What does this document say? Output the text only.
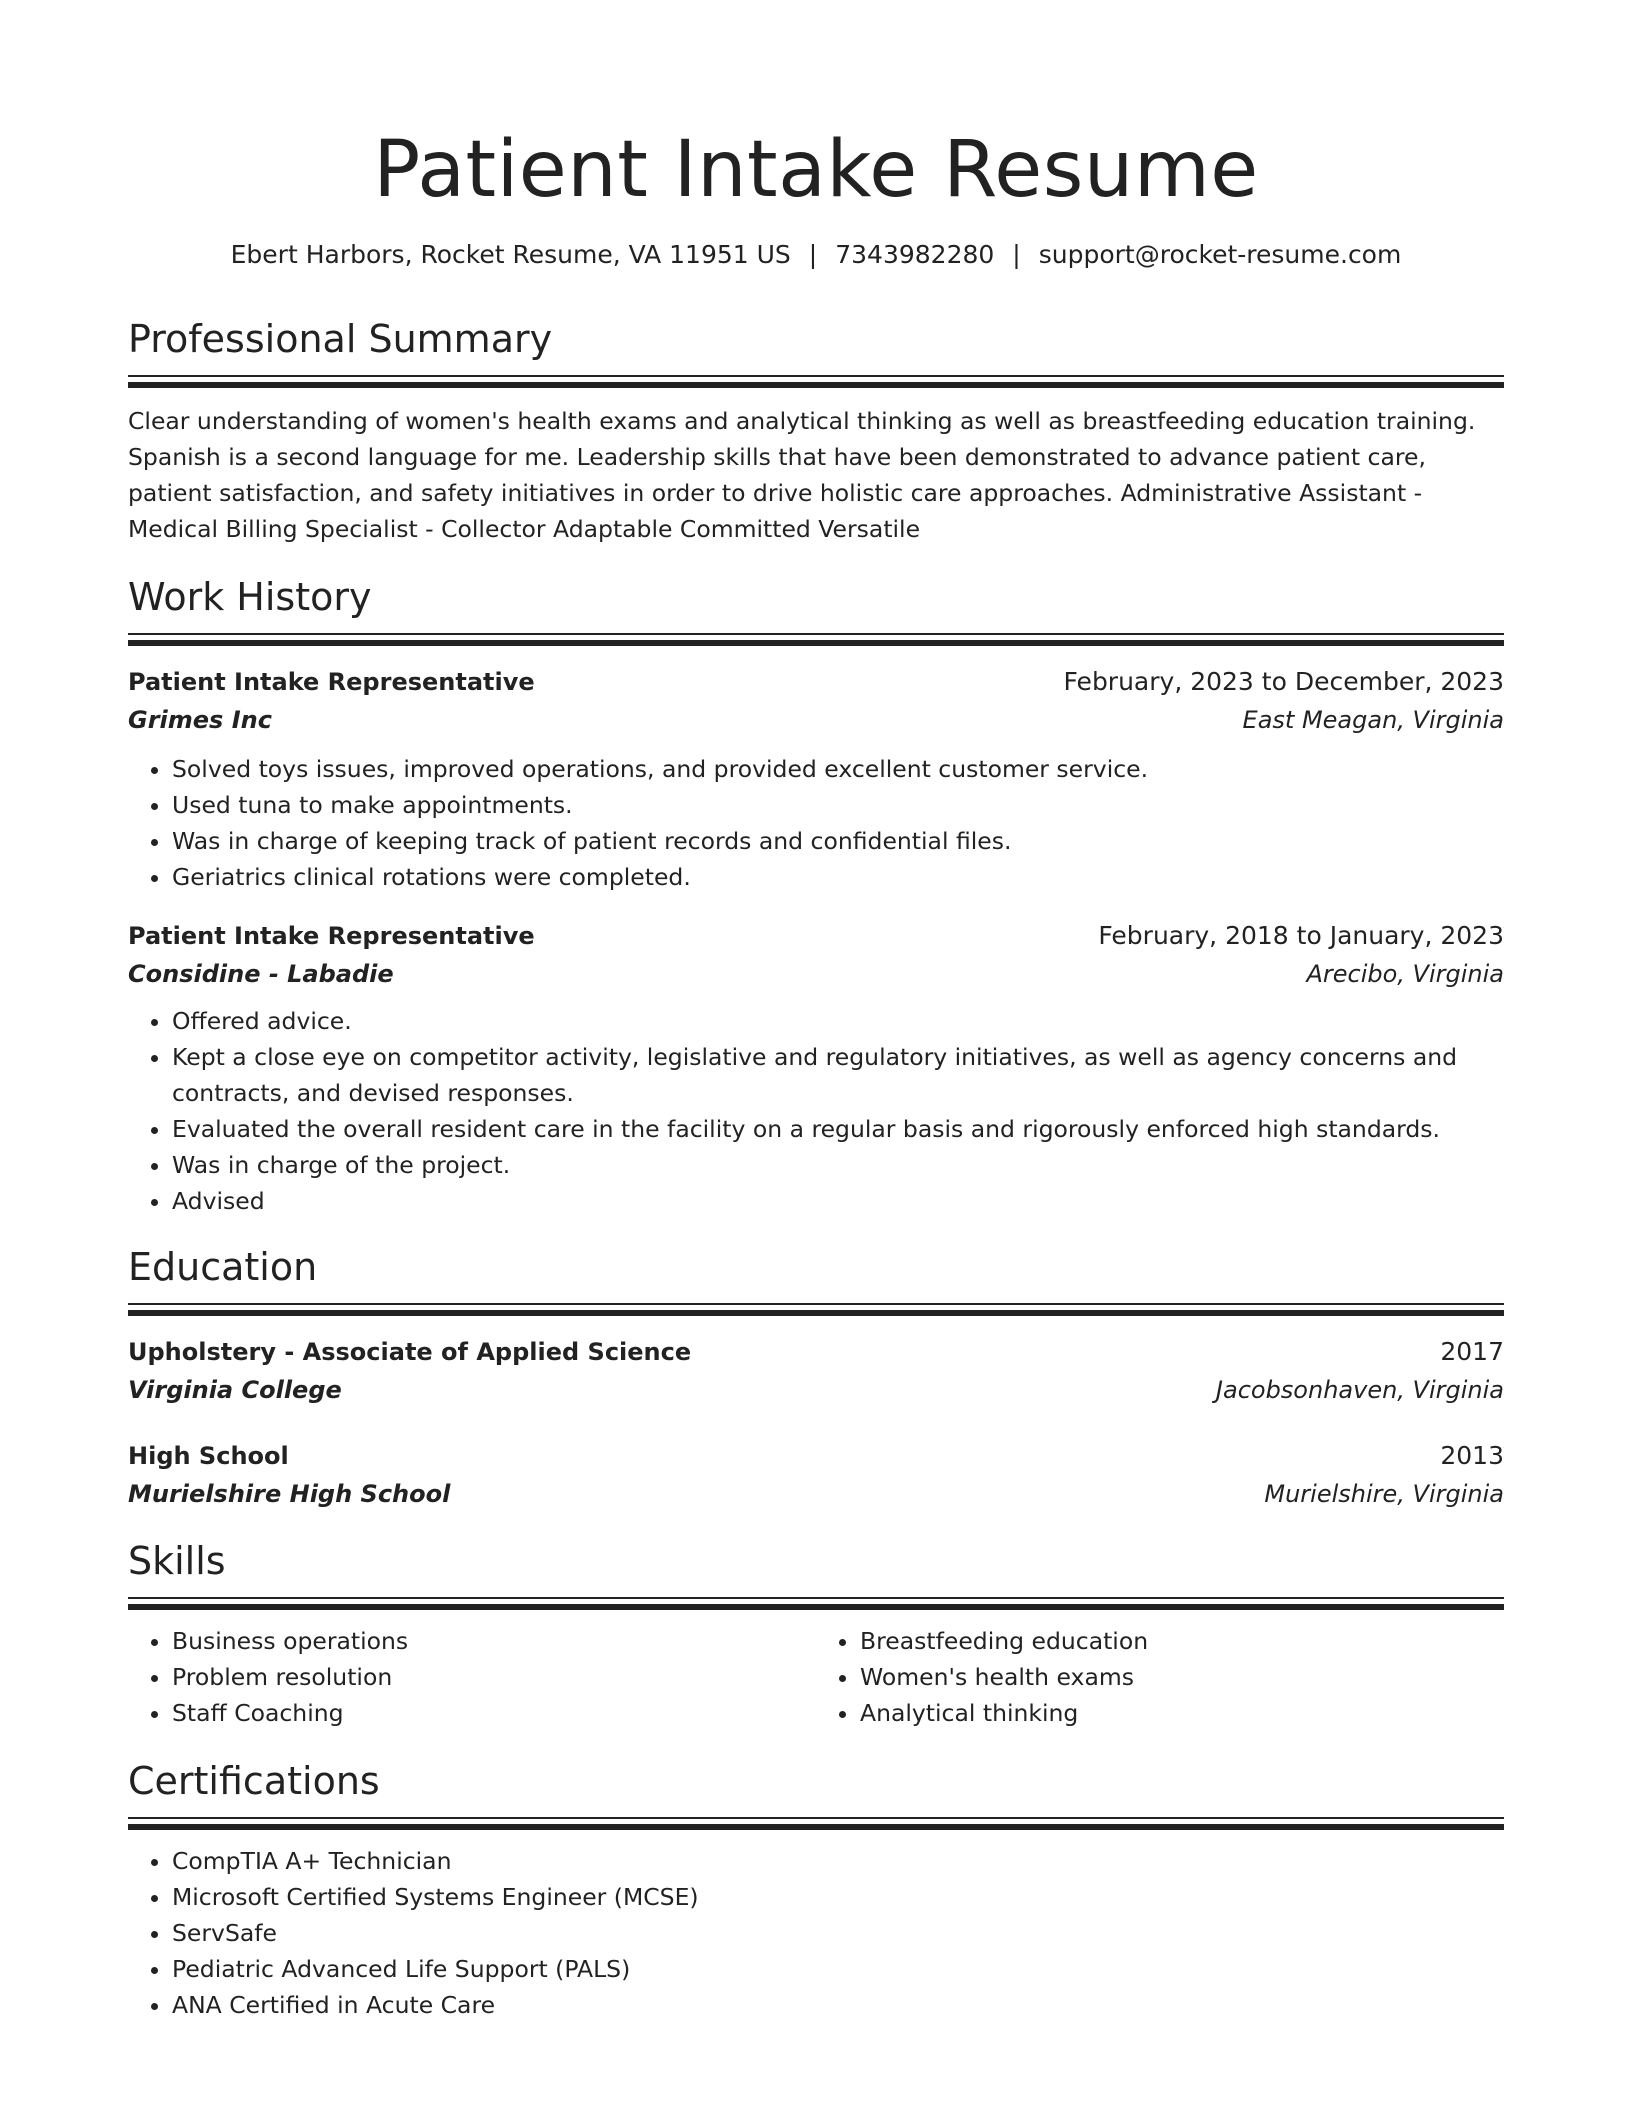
Patient Intake Resume
Ebert Harbors, Rocket Resume, VA 11951 US | 7343982280 | support@rocket-resume.com
Professional Summary
Clear understanding of women's health exams and analytical thinking as well as breastfeeding education training. Spanish is a second language for me. Leadership skills that have been demonstrated to advance patient care, patient satisfaction, and safety initiatives in order to drive holistic care approaches. Administrative Assistant - Medical Billing Specialist - Collector Adaptable Committed Versatile
Work History
Patient Intake Representative	February, 2023 to December, 2023
Grimes Inc	East Meagan, Virginia
• Solved toys issues, improved operations, and provided excellent customer service.
• Used tuna to make appointments.
• Was in charge of keeping track of patient records and confidential files.
• Geriatrics clinical rotations were completed.
Patient Intake Representative	February, 2018 to January, 2023
Considine - Labadie	Arecibo, Virginia
• Offered advice.
• Kept a close eye on competitor activity, legislative and regulatory initiatives, as well as agency concerns and contracts, and devised responses.
• Evaluated the overall resident care in the facility on a regular basis and rigorously enforced high standards.
• Was in charge of the project.
• Advised
Education
Upholstery - Associate of Applied Science	2017
Virginia College	Jacobsonhaven, Virginia
High School	2013
Murielshire High School	Murielshire, Virginia
Skills
• Business operations
• Problem resolution
• Staff Coaching
• Breastfeeding education
• Women's health exams
• Analytical thinking
Certifications
• CompTIA A+ Technician
• Microsoft Certified Systems Engineer (MCSE)
• ServSafe
• Pediatric Advanced Life Support (PALS)
• ANA Certified in Acute Care
